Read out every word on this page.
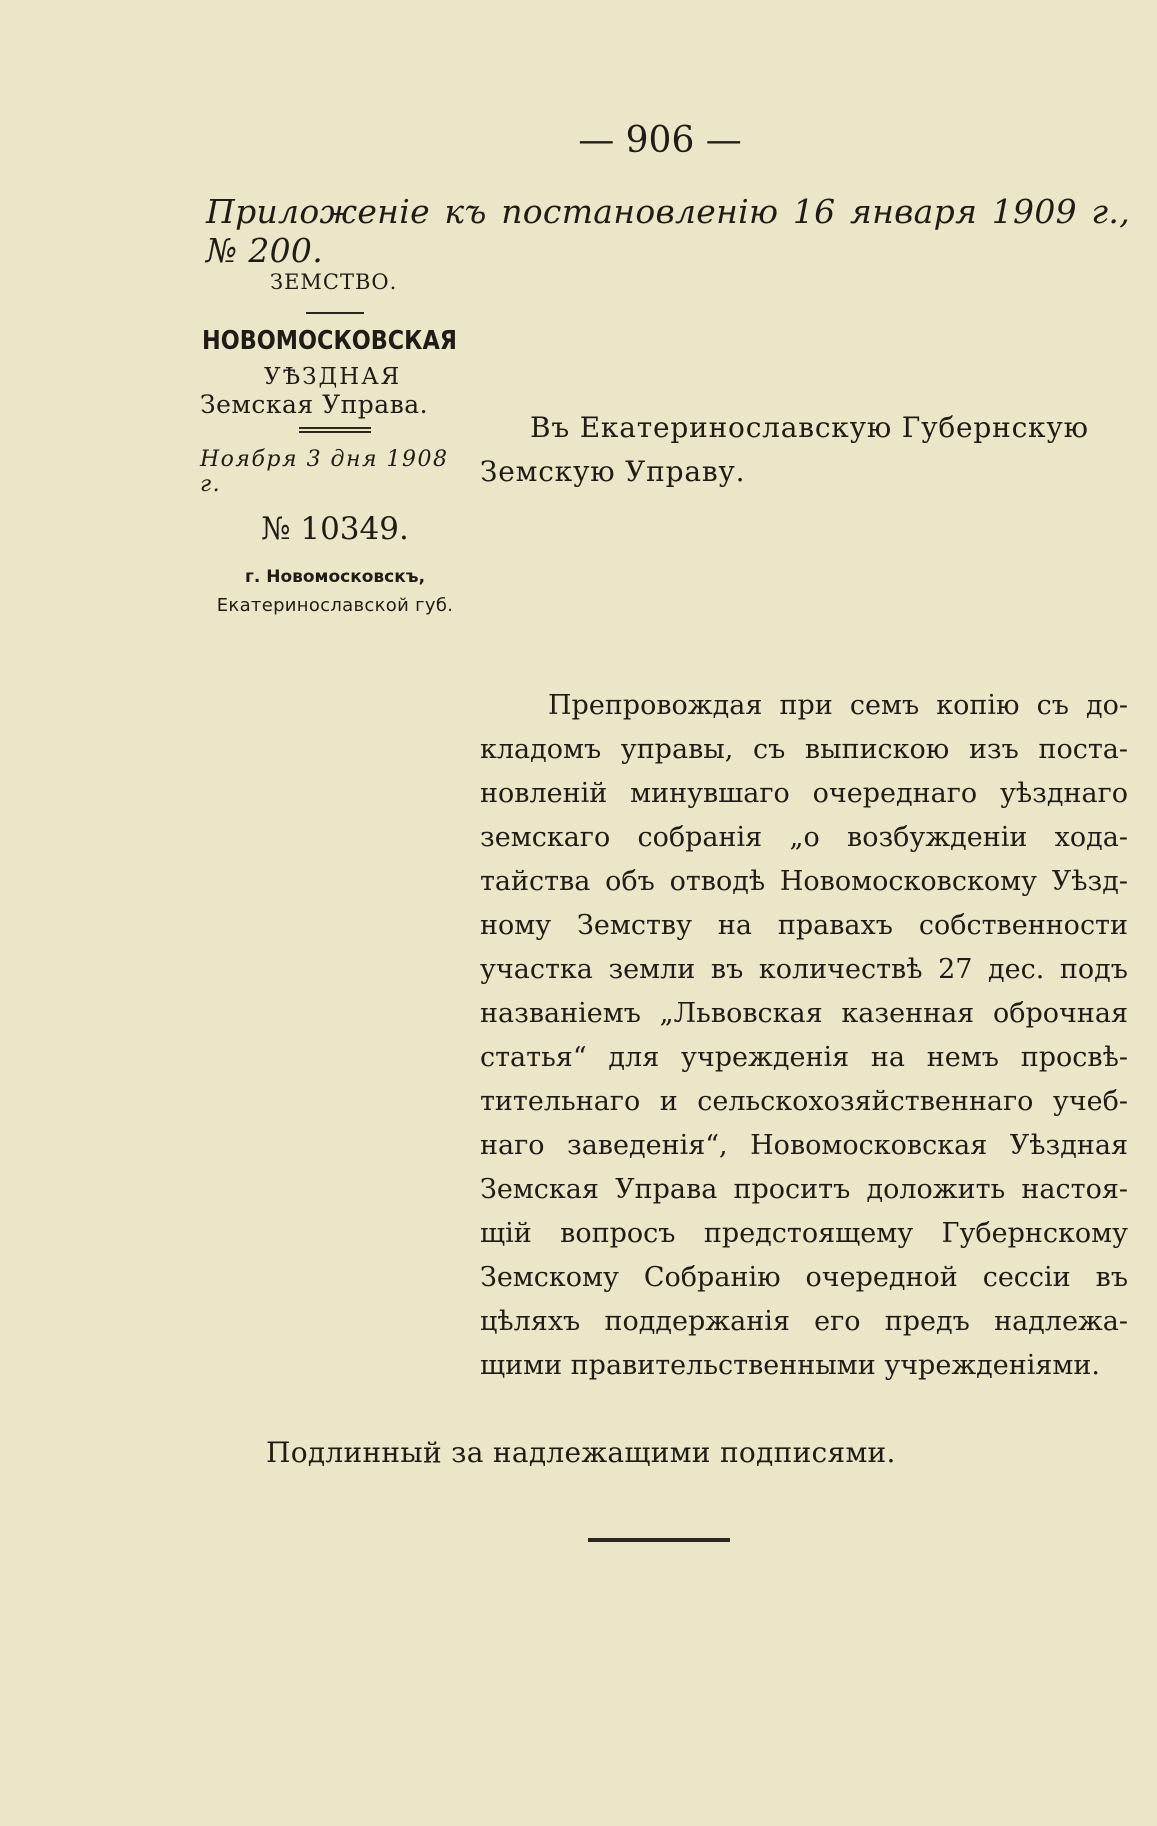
— 906 —
Приложеніе къ постановленію 16 января 1909 г., № 200.
ЗЕМСТВО.
НОВОМОСКОВСКАЯ
УѢЗДНАЯ
Земская Управа.
Ноября 3 дня 1908 г.
№ 10349.
г. Новомосковскъ,
Екатеринославской губ.
Въ Екатеринославскую Губернскую
Земскую Управу.
Препровождая при семъ копію съ до-
кладомъ управы, съ выпискою изъ поста-
новленій минувшаго очереднаго уѣзднаго
земскаго собранія „о возбужденіи хода-
тайства объ отводѣ Новомосковскому Уѣзд-
ному Земству на правахъ собственности
участка земли въ количествѣ 27 дес. подъ
названіемъ „Львовская казенная оброчная
статья“ для учрежденія на немъ просвѣ-
тительнаго и сельскохозяйственнаго учеб-
наго заведенія“, Новомосковская Уѣздная
Земская Управа проситъ доложить настоя-
щій вопросъ предстоящему Губернскому
Земскому Собранію очередной сессіи въ
цѣляхъ поддержанія его предъ надлежа-
щими правительственными учрежденіями.
Подлинный за надлежащими подписями.
